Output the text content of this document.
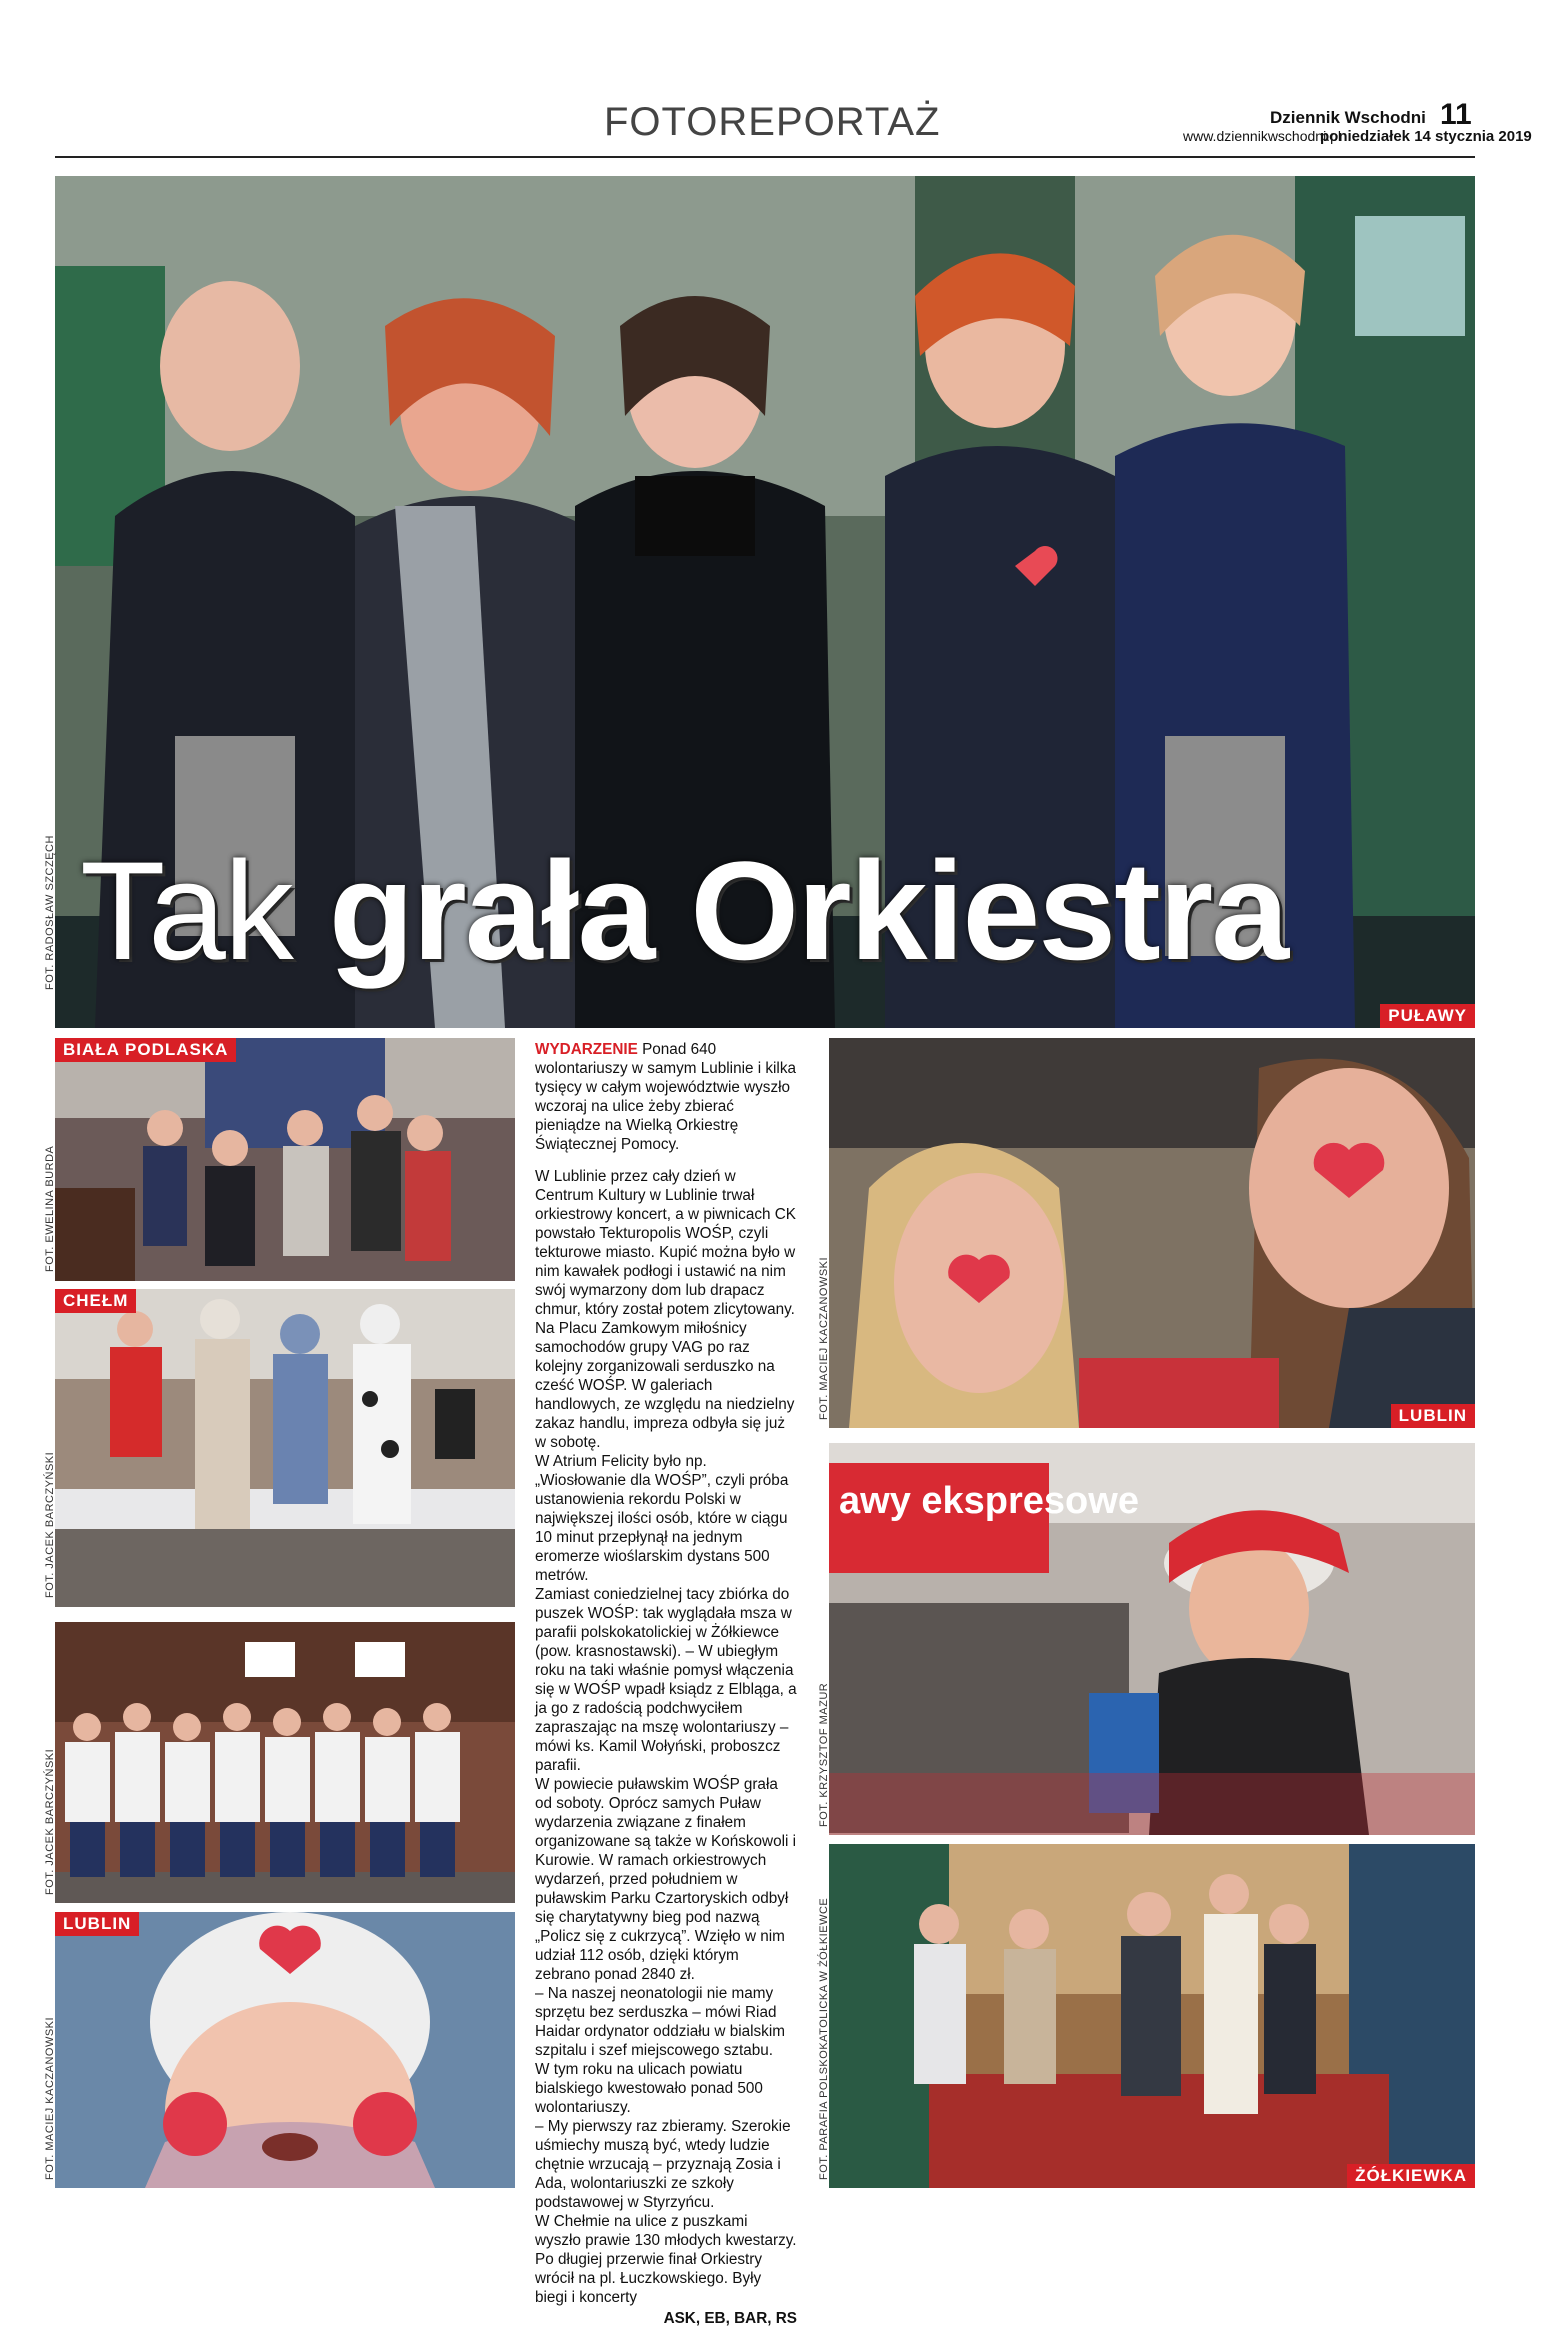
FOTOREPORTAŻ	Dziennik Wschodni 11
www.dziennikwschodni.pl
poniedziałek 14 stycznia 2019
PUŁAWY
Tak grała Orkiestra
FOT. RADOSŁAW SZCZĘCH
BIAŁA PODLASKA
FOT. EWELINA BURDA
CHEŁM
FOT. JACEK BARCZYŃSKI
FOT. JACEK BARCZYŃSKI
LUBLIN
FOT. MACIEJ KACZANOWSKI

WYDARZENIE Ponad 640 wolontariuszy w samym Lublinie i kilka tysięcy w całym województwie wyszło wczoraj na ulice żeby zbierać pieniądze na Wielką Orkiestrę Świątecznej Pomocy.

W Lublinie przez cały dzień w Centrum Kultury w Lublinie trwał orkiestrowy koncert, a w piwnicach CK powstało Tekturopolis WOŚP, czyli tekturowe miasto. Kupić można było w nim kawałek podłogi i ustawić na nim swój wymarzony dom lub drapacz chmur, który został potem zlicytowany. Na Placu Zamkowym miłośnicy samochodów grupy VAG po raz kolejny zorganizowali serduszko na cześć WOŚP. W galeriach handlowych, ze względu na niedzielny zakaz handlu, impreza odbyła się już w sobotę.

W Atrium Felicity było np. „Wiosłowanie dla WOŚP”, czyli próba ustanowienia rekordu Polski w największej ilości osób, które w ciągu 10 minut przepłynął na jednym eromerze wioślarskim dystans 500 metrów.

Zamiast coniedzielnej tacy zbiórka do puszek WOŚP: tak wyglądała msza w parafii polskokatolickiej w Żółkiewce (pow. krasnostawski). – W ubiegłym roku na taki właśnie pomysł włączenia się w WOŚP wpadł ksiądz z Elbląga, a ja go z radością podchwyciłem zapraszając na mszę wolontariuszy – mówi ks. Kamil Wołyński, proboszcz parafii.

W powiecie puławskim WOŚP grała od soboty. Oprócz samych Puław wydarzenia związane z finałem organizowane są także w Końskowoli i Kurowie. W ramach orkiestrowych wydarzeń, przed południem w puławskim Parku Czartoryskich odbył się charytatywny bieg pod nazwą „Policz się z cukrzycą”. Wzięło w nim udział 112 osób, dzięki którym zebrano ponad 2840 zł.

– Na naszej neonatologii nie mamy sprzętu bez serduszka – mówi Riad Haidar ordynator oddziału w bialskim szpitalu i szef miejscowego sztabu.

W tym roku na ulicach powiatu bialskiego kwestowało ponad 500 wolontariuszy.

– My pierwszy raz zbieramy. Szerokie uśmiechy muszą być, wtedy ludzie chętnie wrzucają – przyznają Zosia i Ada, wolontariuszki ze szkoły podstawowej w Styrzyńcu.

W Chełmie na ulice z puszkami wyszło prawie 130 młodych kwestarzy. Po długiej przerwie finał Orkiestry wrócił na pl. Łuczkowskiego. Były biegi i koncerty

ASK, EB, BAR, RS
LUBLIN
FOT. MACIEJ KACZANOWSKI
awy ekspresowe
FOT. KRZYSZTOF MAZUR
ŻÓŁKIEWKA
FOT. PARAFIA POLSKOKATOLICKA W ŻÓŁKIEWCE
